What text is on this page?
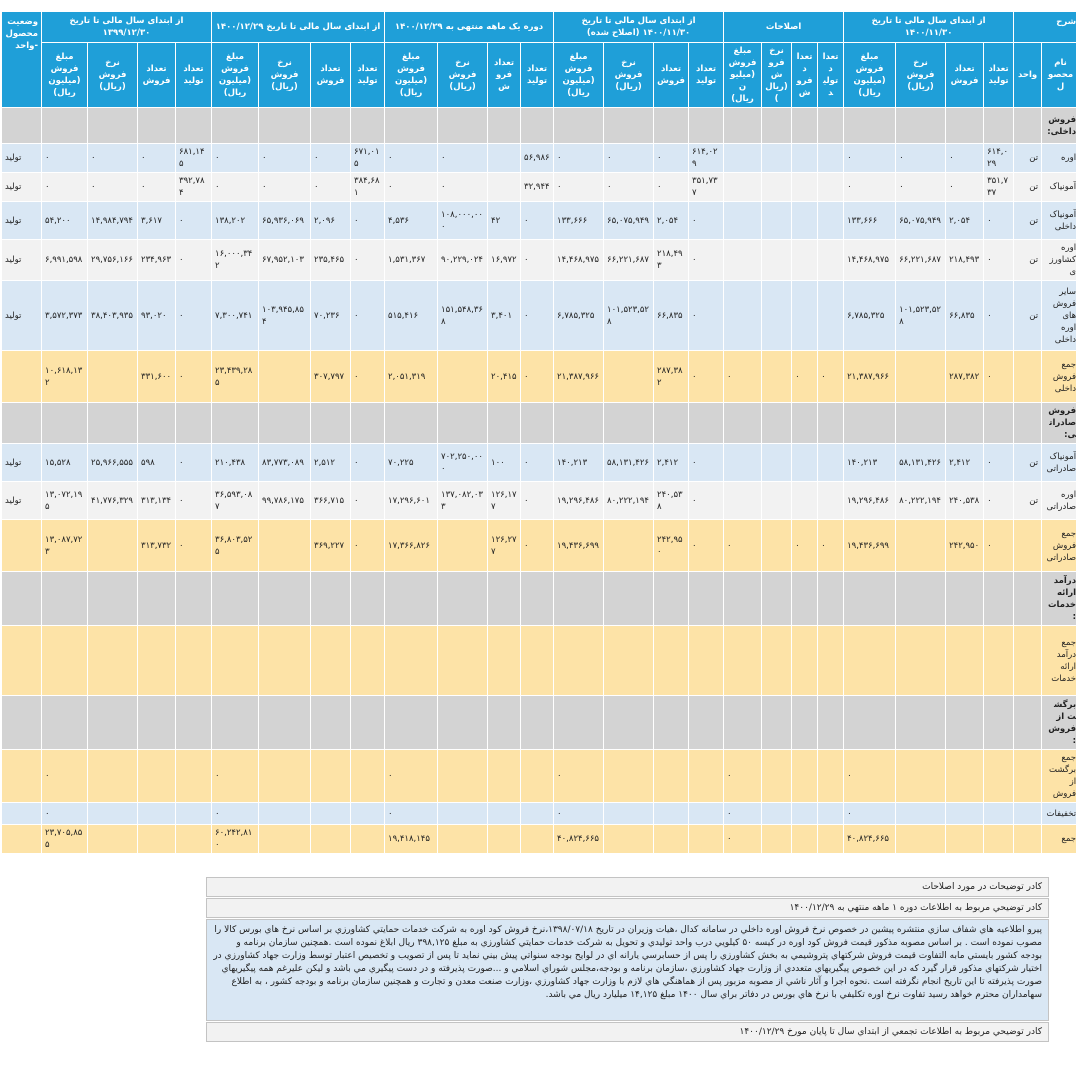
شرح		از ابتدای سال مالی تا تاریخ ۱۴۰۰/۱۱/۳۰				اصلاحات				از ابتدای سال مالی تا تاریخ ۱۴۰۰/۱۱/۳۰ (اصلاح شده)				دوره یک ماهه منتهی به ۱۴۰۰/۱۲/۲۹				از ابتدای سال مالی تا تاریخ ۱۴۰۰/۱۲/۲۹				از ابتدای سال مالی تا تاریخ ۱۳۹۹/۱۲/۳۰				وضعیت محصول-واحد
نام محصول	واحد	تعداد تولید	تعداد فروش	نرخ فروش (ریال)	مبلغ فروش (میلیون ریال)	تعداد تولید	تعداد فروش	نرخ فروش (ریال)	مبلغ فروش (میلیون ریال)	تعداد تولید	تعداد فروش	نرخ فروش (ریال)	مبلغ فروش (میلیون ریال)	تعداد تولید	تعداد فروش	نرخ فروش (ریال)	مبلغ فروش (میلیون ریال)	تعداد تولید	تعداد فروش	نرخ فروش (ریال)	مبلغ فروش (میلیون ریال)	تعداد تولید	تعداد فروش	نرخ فروش (ریال)	مبلغ فروش (میلیون ریال)	
فروش داخلی:																										
اوره	تن	۶۱۴,۰۲۹	۰	۰	۰					۶۱۴,۰۲۹	۰	۰	۰	۵۶,۹۸۶		۰	۰	۶۷۱,۰۱۵	۰	۰	۰	۶۸۱,۱۴۵	۰	۰	۰	تولید
آمونیاک	تن	۳۵۱,۷۳۷	۰	۰	۰					۳۵۱,۷۳۷	۰	۰	۰	۳۲,۹۴۴		۰	۰	۳۸۴,۶۸۱	۰	۰	۰	۳۹۲,۷۸۴	۰	۰	۰	تولید
آمونیاک داخلی	تن	۰	۲,۰۵۴	۶۵,۰۷۵,۹۴۹	۱۳۳,۶۶۶					۰	۲,۰۵۴	۶۵,۰۷۵,۹۴۹	۱۳۳,۶۶۶	۰	۴۲	۱۰۸,۰۰۰,۰۰۰	۴,۵۳۶	۰	۲,۰۹۶	۶۵,۹۳۶,۰۶۹	۱۳۸,۲۰۲	۰	۳,۶۱۷	۱۴,۹۸۴,۷۹۴	۵۴,۲۰۰	تولید
اوره کشاورزی	تن	۰	۲۱۸,۴۹۳	۶۶,۲۲۱,۶۸۷	۱۴,۴۶۸,۹۷۵					۰	۲۱۸,۴۹۳	۶۶,۲۲۱,۶۸۷	۱۴,۴۶۸,۹۷۵	۰	۱۶,۹۷۲	۹۰,۲۲۹,۰۲۴	۱,۵۳۱,۳۶۷	۰	۲۳۵,۴۶۵	۶۷,۹۵۲,۱۰۳	۱۶,۰۰۰,۳۴۲	۰	۲۳۴,۹۶۳	۲۹,۷۵۶,۱۶۶	۶,۹۹۱,۵۹۸	تولید
سایر فروش های اوره داخلی	تن	۰	۶۶,۸۳۵	۱۰۱,۵۲۳,۵۲۸	۶,۷۸۵,۳۲۵					۰	۶۶,۸۳۵	۱۰۱,۵۲۳,۵۲۸	۶,۷۸۵,۳۲۵	۰	۳,۴۰۱	۱۵۱,۵۴۸,۳۶۸	۵۱۵,۴۱۶	۰	۷۰,۲۳۶	۱۰۳,۹۴۵,۸۵۴	۷,۳۰۰,۷۴۱	۰	۹۳,۰۲۰	۳۸,۴۰۳,۹۳۵	۳,۵۷۲,۳۷۳	تولید
جمع فروش داخلی		۰	۲۸۷,۳۸۲		۲۱,۳۸۷,۹۶۶	۰	۰		۰	۰	۲۸۷,۳۸۲		۲۱,۳۸۷,۹۶۶	۰	۲۰,۴۱۵		۲,۰۵۱,۳۱۹	۰	۳۰۷,۷۹۷		۲۳,۴۳۹,۲۸۵	۰	۳۳۱,۶۰۰		۱۰,۶۱۸,۱۳۲	
فروش صادراتی:																										
آمونیاک صادراتی	تن	۰	۲,۴۱۲	۵۸,۱۳۱,۴۲۶	۱۴۰,۲۱۳					۰	۲,۴۱۲	۵۸,۱۳۱,۴۲۶	۱۴۰,۲۱۳	۰	۱۰۰	۷۰۲,۲۵۰,۰۰۰	۷۰,۲۲۵	۰	۲,۵۱۲	۸۳,۷۷۳,۰۸۹	۲۱۰,۴۳۸	۰	۵۹۸	۲۵,۹۶۶,۵۵۵	۱۵,۵۲۸	تولید
اوره صادراتی	تن	۰	۲۴۰,۵۳۸	۸۰,۲۲۲,۱۹۴	۱۹,۲۹۶,۴۸۶					۰	۲۴۰,۵۳۸	۸۰,۲۲۲,۱۹۴	۱۹,۲۹۶,۴۸۶	۰	۱۲۶,۱۷۷	۱۳۷,۰۸۲,۰۳۳	۱۷,۲۹۶,۶۰۱	۰	۳۶۶,۷۱۵	۹۹,۷۸۶,۱۷۵	۳۶,۵۹۳,۰۸۷	۰	۳۱۳,۱۳۴	۴۱,۷۷۶,۳۲۹	۱۳,۰۷۲,۱۹۵	تولید
جمع فروش صادراتی		۰	۲۴۲,۹۵۰		۱۹,۴۳۶,۶۹۹	۰	۰		۰	۰	۲۴۲,۹۵۰		۱۹,۴۳۶,۶۹۹	۰	۱۲۶,۲۷۷		۱۷,۳۶۶,۸۲۶	۰	۳۶۹,۲۲۷		۳۶,۸۰۳,۵۲۵	۰	۳۱۳,۷۳۲		۱۳,۰۸۷,۷۲۳	
درآمد ارائه خدمات:																										
جمع درآمد ارائه خدمات																										
برگشت از فروش:																										
جمع برگشت از فروش					۰				۰				۰				۰				۰				۰	
تخفیفات					۰				۰				۰				۰				۰				۰	
جمع					۴۰,۸۲۴,۶۶۵				۰				۴۰,۸۲۴,۶۶۵				۱۹,۴۱۸,۱۴۵				۶۰,۲۴۲,۸۱۰				۲۳,۷۰۵,۸۵۵	
کادر توضیحات در مورد اصلاحات
کادر توضیحي مربوط به اطلاعات دوره ۱ ماهه منتهي به ۱۴۰۰/۱۲/۲۹
پيرو اطلاعيه هاي شفاف سازي منتشره پيشين در خصوص نرخ فروش اوره داخلي در سامانه کدال ،هيات وزيران در تاريخ ۱۳۹۸/۰۷/۱۸،نرخ فروش کود اوره به شرکت خدمات حمايتي کشاورزي بر اساس نرخ هاي بورس کالا را مصوب نموده است . بر اساس مصوبه مذکور قيمت فروش کود اوره در کيسه ۵۰ کيلويي درب واحد توليدي و تحويل به شرکت خدمات حمايتي کشاورزي به مبلغ ۳۹۸,۱۲۵ ريال ابلاغ نموده است .همچنين سازمان برنامه و بودجه کشور بايستي مابه التفاوت قيمت فروش شرکتهاي پتروشيمي به بخش کشاورزي را پس از حسابرسي يارانه اي در لوايح بودجه سنواتي پيش بيني نمايد تا پس از تصويب و تخصيص اعتبار توسط وزارت جهاد کشاورزي در اختيار شرکتهاي مذکور قرار گيرد که در اين خصوص پيگيريهاي متعددي از وزارت جهاد کشاورزي ،سازمان برنامه و بودجه،مجلس شوراي اسلامي و ...صورت پذيرفته و در دست پيگيري مي باشد و ليکن عليرغم همه پيگيريهاي صورت پذيرفته تا اين تاريخ انجام نگرفته است .نحوه اجرا و آثار ناشي از مصوبه مزبور پس از هماهنگي هاي لازم با وزارت جهاد کشاورزي ،وزارت صنعت معدن و تجارت و همچنين سازمان برنامه و بودجه کشور ، به اطلاع سهامداران محترم خواهد رسيد تفاوت نرخ اوره تکليفي با نرخ هاي بورس در دفاتر براي سال ۱۴۰۰ مبلغ ۱۴,۱۲۵ ميليارد ريال مي باشد.
کادر توضيحي مربوط به اطلاعات تجمعي از ابتداي سال تا پايان مورخ ۱۴۰۰/۱۲/۲۹
